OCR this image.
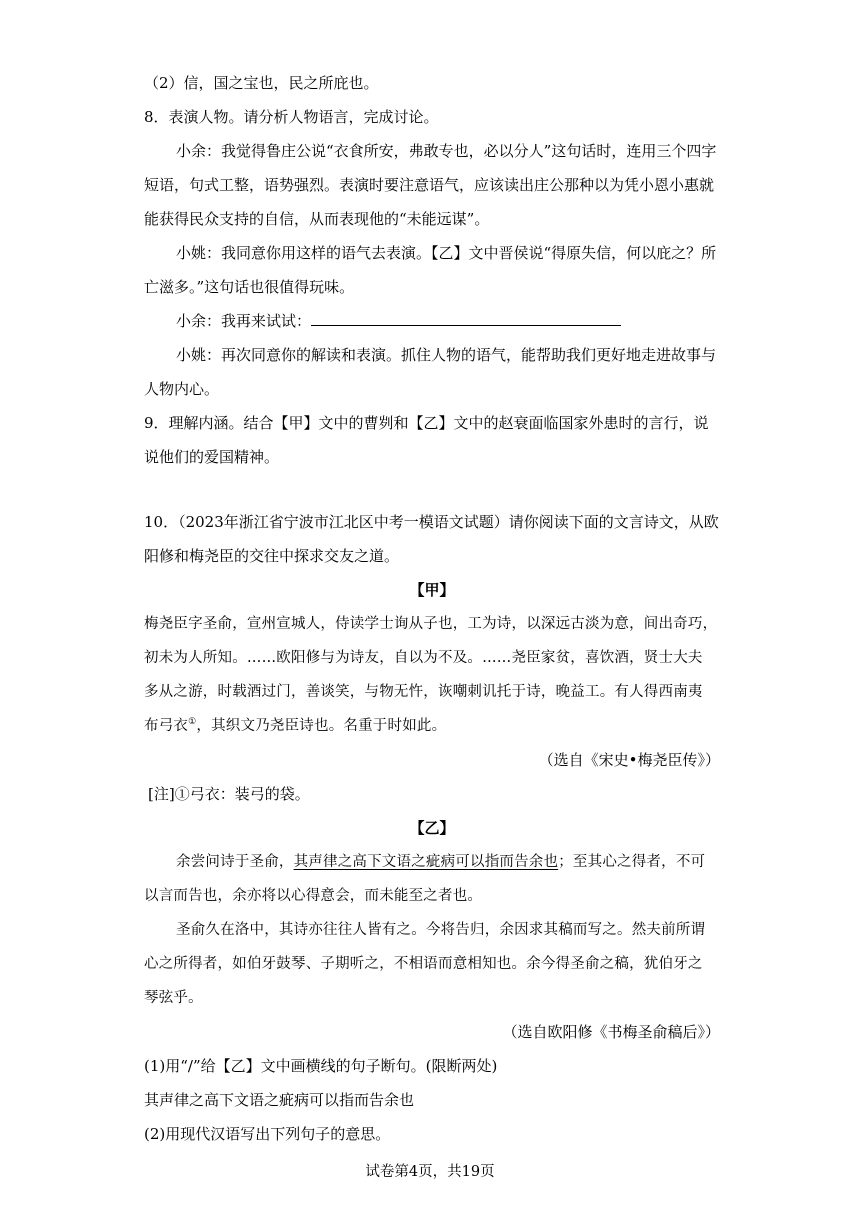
（2）信，国之宝也，民之所庇也。
8．表演人物。请分析人物语言，完成讨论。
小余：我觉得鲁庄公说“衣食所安，弗敢专也，必以分人”这句话时，连用三个四字
短语，句式工整，语势强烈。表演时要注意语气，应该读出庄公那种以为凭小恩小惠就
能获得民众支持的自信，从而表现他的“未能远谋”。
小姚：我同意你用这样的语气去表演。【乙】文中晋侯说“得原失信，何以庇之？所
亡滋多。”这句话也很值得玩味。
小余：我再来试试：
小姚：再次同意你的解读和表演。抓住人物的语气，能帮助我们更好地走进故事与
人物内心。
9．理解内涵。结合【甲】文中的曹刿和【乙】文中的赵衰面临国家外患时的言行，说
说他们的爱国精神。
10．（2023年浙江省宁波市江北区中考一模语文试题）请你阅读下面的文言诗文，从欧
阳修和梅尧臣的交往中探求交友之道。
【甲】
梅尧臣字圣俞，宣州宣城人，侍读学士询从子也，工为诗，以深远古淡为意，间出奇巧，
初未为人所知。……欧阳修与为诗友，自以为不及。……尧臣家贫，喜饮酒，贤士大夫
多从之游，时载酒过门，善谈笑，与物无忤，诙嘲刺讥托于诗，晚益工。有人得西南夷
布弓衣①，其织文乃尧臣诗也。名重于时如此。
（选自《宋史•梅尧臣传》）
[注]①弓衣：装弓的袋。
【乙】
余尝问诗于圣俞，其声律之高下文语之疵病可以指而告余也；至其心之得者，不可
以言而告也，余亦将以心得意会，而未能至之者也。
圣俞久在洛中，其诗亦往往人皆有之。今将告归，余因求其稿而写之。然夫前所谓
心之所得者，如伯牙鼓琴、子期听之，不相语而意相知也。余今得圣俞之稿，犹伯牙之
琴弦乎。
（选自欧阳修《书梅圣俞稿后》）
(1)用“/”给【乙】文中画横线的句子断句。(限断两处)
其声律之高下文语之疵病可以指而告余也
(2)用现代汉语写出下列句子的意思。
试卷第4页，共19页
